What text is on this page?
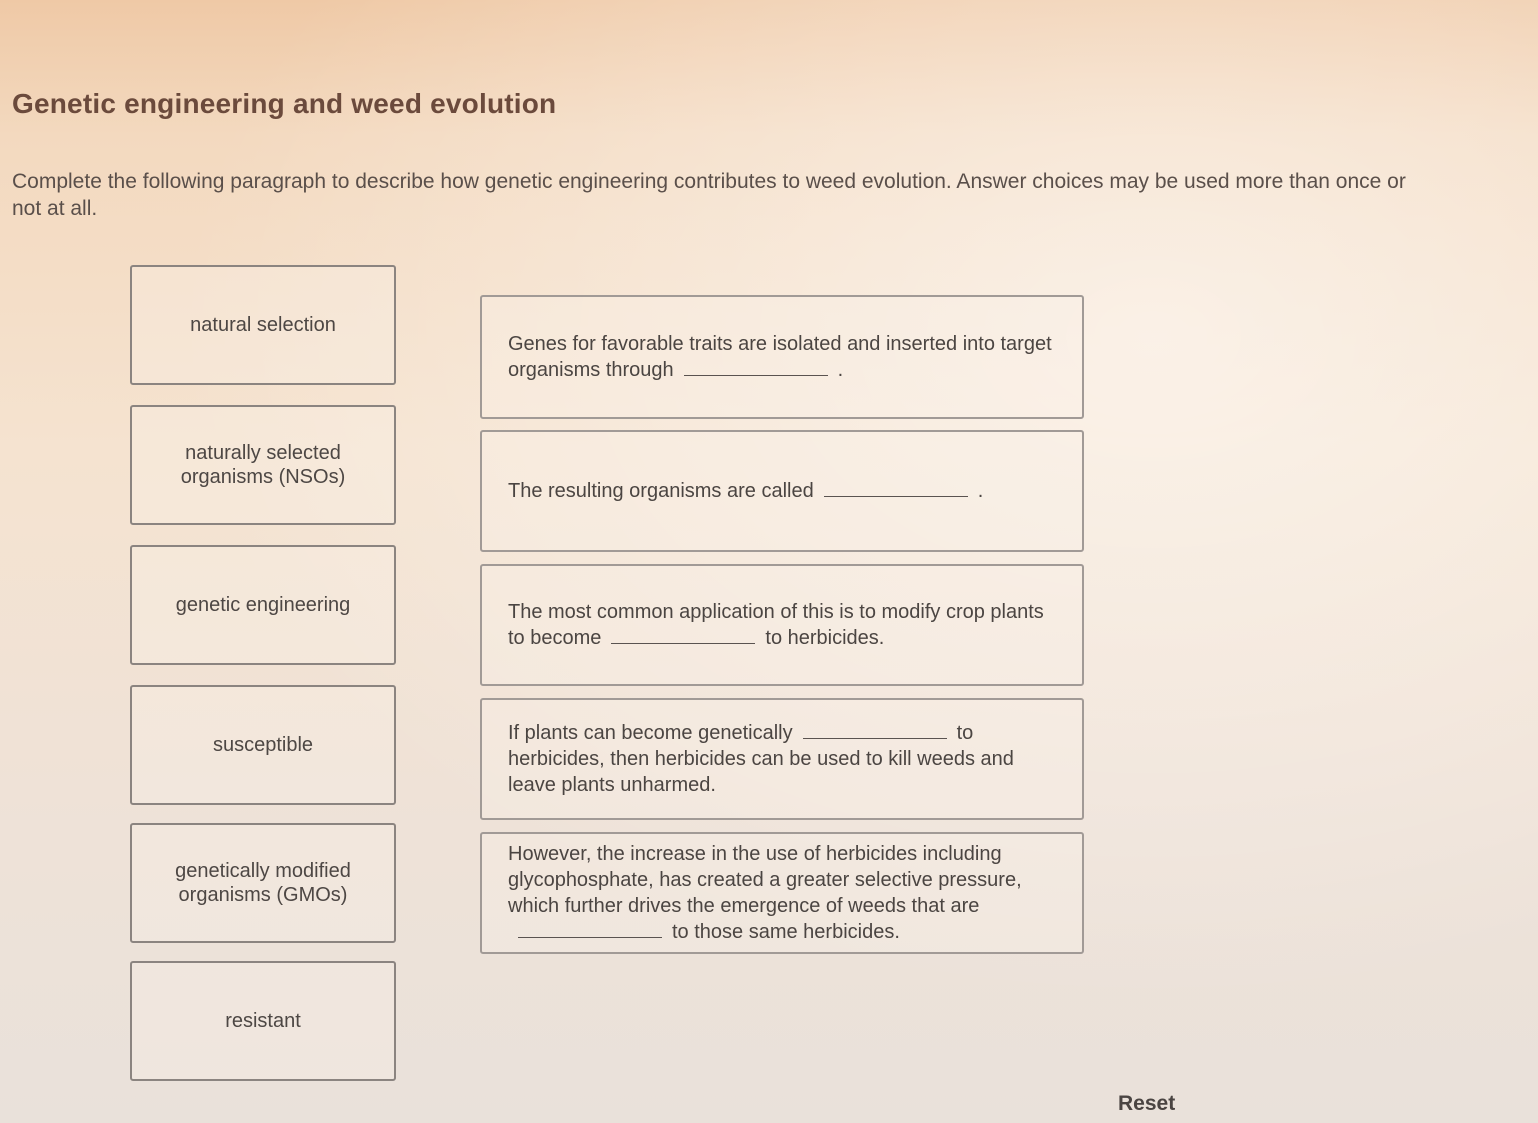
Genetic engineering and weed evolution
Complete the following paragraph to describe how genetic engineering contributes to weed evolution. Answer choices may be used more than once or not at all.
natural selection
naturally selected organisms (NSOs)
genetic engineering
susceptible
genetically modified organisms (GMOs)
resistant
Genes for favorable traits are isolated and inserted into target organisms through	.
The resulting organisms are called	.
The most common application of this is to modify crop plants to become	to herbicides.
If plants can become genetically	to herbicides, then herbicides can be used to kill weeds and leave plants unharmed.
However, the increase in the use of herbicides including glycophosphate, has created a greater selective pressure, which further drives the emergence of weeds that areto those same herbicides.
Reset
